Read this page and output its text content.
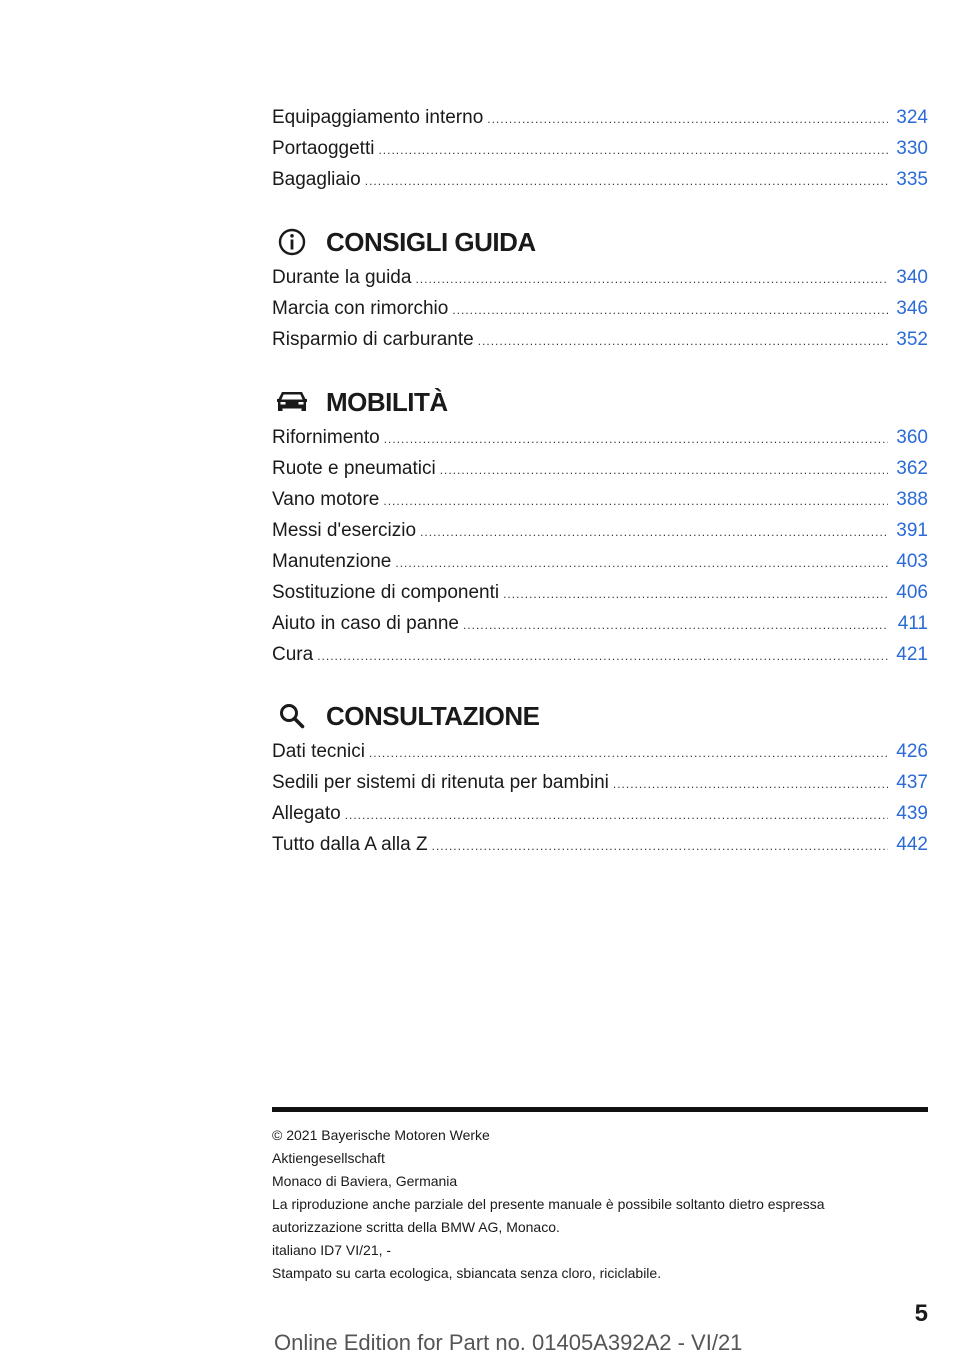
Equipaggiamento interno .....	324
Portaoggetti .....	330
Bagagliaio .....	335
CONSIGLI GUIDA
Durante la guida .....	340
Marcia con rimorchio .....	346
Risparmio di carburante .....	352
MOBILITÀ
Rifornimento .....	360
Ruote e pneumatici .....	362
Vano motore .....	388
Messi d'esercizio .....	391
Manutenzione .....	403
Sostituzione di componenti .....	406
Aiuto in caso di panne .....	411
Cura .....	421
CONSULTAZIONE
Dati tecnici .....	426
Sedili per sistemi di ritenuta per bambini .....	437
Allegato .....	439
Tutto dalla A alla Z .....	442
© 2021 Bayerische Motoren Werke
Aktiengesellschaft
Monaco di Baviera, Germania
La riproduzione anche parziale del presente manuale è possibile soltanto dietro espressa
autorizzazione scritta della BMW AG, Monaco.
italiano ID7 VI/21, -
Stampato su carta ecologica, sbiancata senza cloro, riciclabile.
5
Online Edition for Part no. 01405A392A2 - VI/21
